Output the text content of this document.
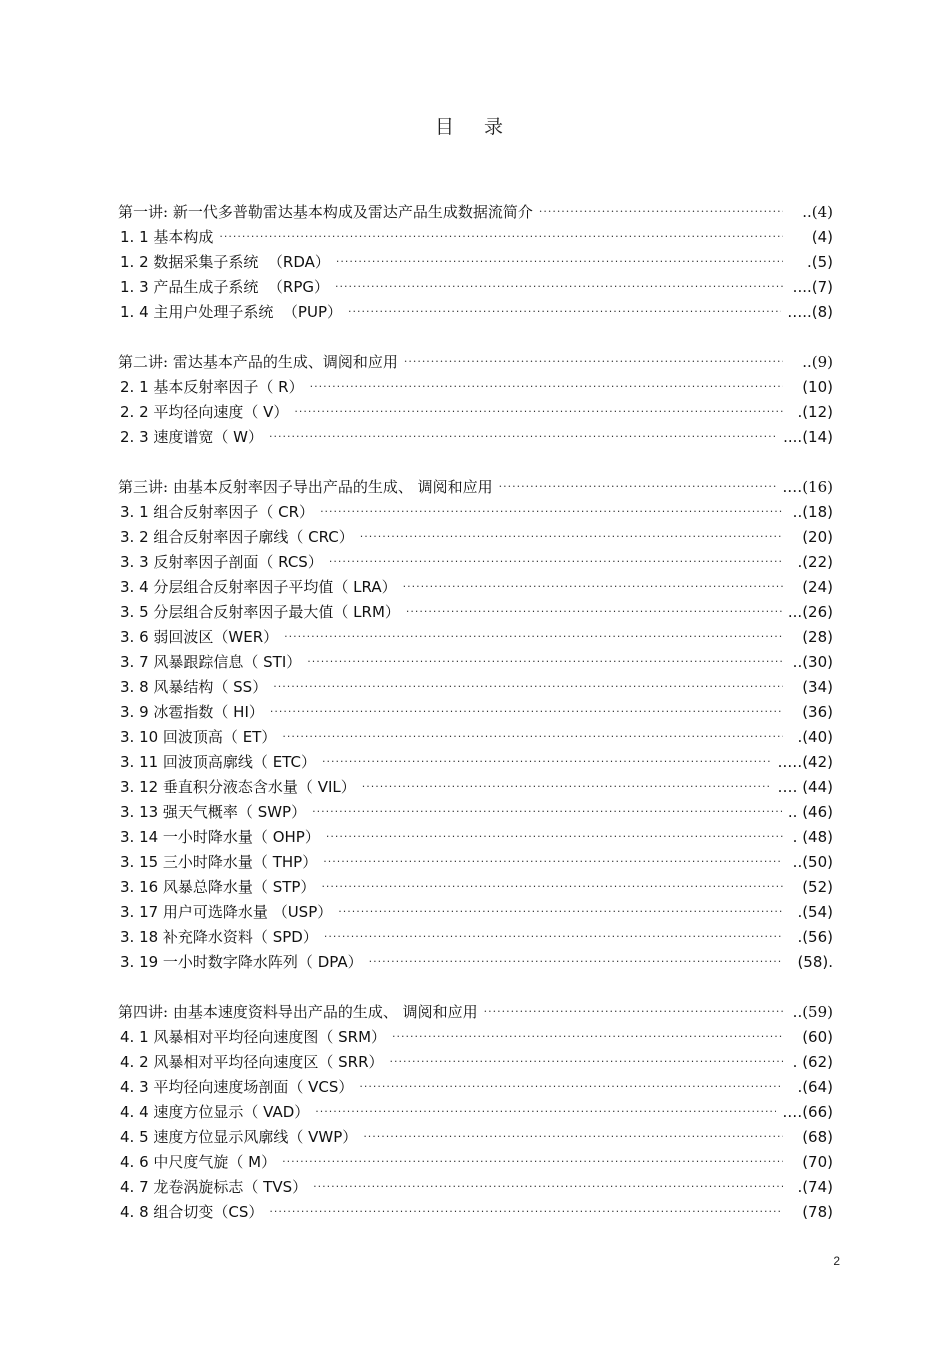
目 录
第一讲: 新一代多普勒雷达基本构成及雷达产品生成数据流简介 ·····	..(4)
1. 1 基本构成 ·····	(4)
1. 2 数据采集子系统  （RDA） ·····	.(5)
1. 3 产品生成子系统  （RPG） ·····	....(7)
1. 4 主用户处理子系统  （PUP） ·····	…..(8)
第二讲: 雷达基本产品的生成、调阅和应用 ·····	..(9)
2. 1 基本反射率因子（ R） ·····	(10)
2. 2 平均径向速度（ V） ·····	.(12)
2. 3 速度谱宽（ W） ·····	....(14)
第三讲: 由基本反射率因子导出产品的生成、 调阅和应用 ·····	.…(16)
3. 1 组合反射率因子（ CR） ·····	..(18)
3. 2 组合反射率因子廓线（ CRC） ·····	(20)
3. 3 反射率因子剖面（ RCS） ·····	.(22)
3. 4 分层组合反射率因子平均值（ LRA） ·····	(24)
3. 5 分层组合反射率因子最大值（ LRM） ·····	...(26)
3. 6 弱回波区（WER） ·····	(28)
3. 7 风暴跟踪信息（ STI） ·····	..(30)
3. 8 风暴结构（ SS） ·····	(34)
3. 9 冰雹指数（ HI） ·····	(36)
3. 10 回波顶高（ ET） ·····	.(40)
3. 11 回波顶高廓线（ ETC） ·····	..…(42)
3. 12 垂直积分液态含水量（ VIL） ·····	.… (44)
3. 13 强天气概率（ SWP） ·····	.. (46)
3. 14 一小时降水量（ OHP） ·····	. (48)
3. 15 三小时降水量（ THP） ·····	..(50)
3. 16 风暴总降水量（ STP） ·····	(52)
3. 17 用户可选降水量 （USP） ·····	.(54)
3. 18 补充降水资料（ SPD） ·····	.(56)
3. 19 一小时数字降水阵列（ DPA） ·····	(58).
第四讲: 由基本速度资料导出产品的生成、 调阅和应用 ·····	..(59)
4. 1 风暴相对平均径向速度图（ SRM） ·····	(60)
4. 2 风暴相对平均径向速度区（ SRR） ·····	. (62)
4. 3 平均径向速度场剖面（ VCS） ·····	.(64)
4. 4 速度方位显示（ VAD） ·····	.…(66)
4. 5 速度方位显示风廓线（ VWP） ·····	(68)
4. 6 中尺度气旋（ M） ·····	(70)
4. 7 龙卷涡旋标志（ TVS） ·····	.(74)
4. 8 组合切变（CS） ·····	(78)
2
